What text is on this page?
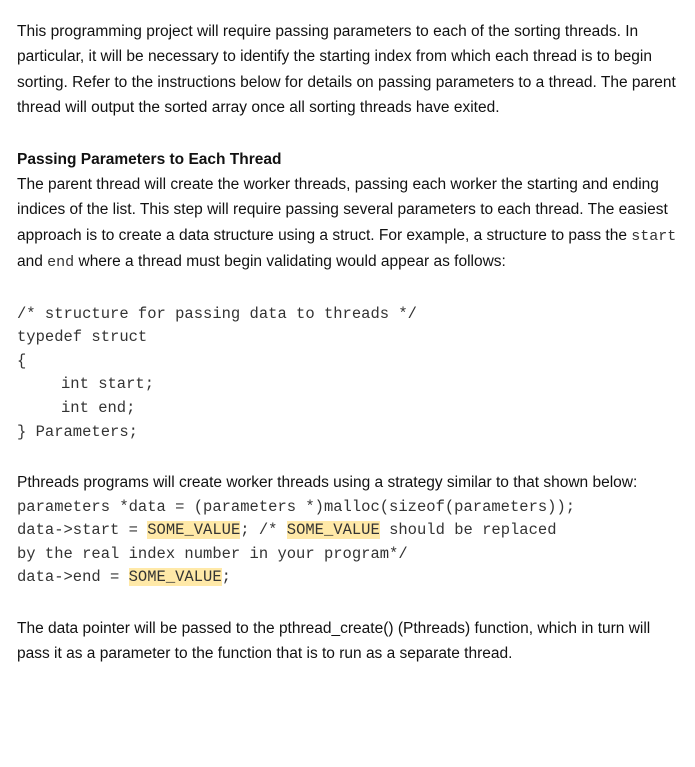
This programming project will require passing parameters to each of the sorting threads. In particular, it will be necessary to identify the starting index from which each thread is to begin sorting. Refer to the instructions below for details on passing parameters to a thread. The parent thread will output the sorted array once all sorting threads have exited.

Passing Parameters to Each Thread

The parent thread will create the worker threads, passing each worker the starting and ending indices of the list. This step will require passing several parameters to each thread. The easiest approach is to create a data structure using a struct. For example, a structure to pass the start and end where a thread must begin validating would appear as follows:

/* structure for passing data to threads */
typedef struct
{
int start;
int end;
} Parameters;

Pthreads programs will create worker threads using a strategy similar to that shown below:

parameters *data = (parameters *)malloc(sizeof(parameters));
data->start = SOME_VALUE; /* SOME_VALUE should be replaced
by the real index number in your program*/
data->end = SOME_VALUE;

The data pointer will be passed to the pthread_create() (Pthreads) function, which in turn will pass it as a parameter to the function that is to run as a separate thread.
